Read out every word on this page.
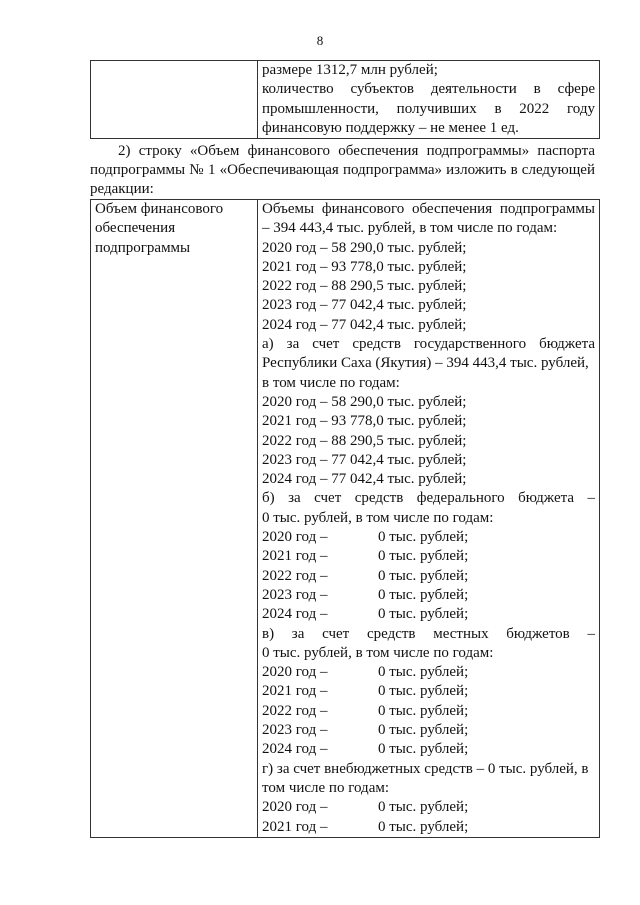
8

размере 1312,7 млн рублей;
количество субъектов деятельности в сфере
промышленности, получивших в 2022 году
финансовую поддержку – не менее 1 ед.
2) строку «Объем финансового обеспечения подпрограммы» паспорта
подпрограммы № 1 «Обеспечивающая подпрограмма» изложить в следующей
редакции:
Объем финансового
обеспечения
подпрограммы

Объемы финансового обеспечения подпрограммы
– 394 443,4 тыс. рублей, в том числе по годам:
2020 год – 58 290,0 тыс. рублей;
2021 год – 93 778,0 тыс. рублей;
2022 год – 88 290,5 тыс. рублей;
2023 год – 77 042,4 тыс. рублей;
2024 год – 77 042,4 тыс. рублей;
а) за счет средств государственного бюджета
Республики Саха (Якутия) – 394 443,4 тыс. рублей,
в том числе по годам:
2020 год – 58 290,0 тыс. рублей;
2021 год – 93 778,0 тыс. рублей;
2022 год – 88 290,5 тыс. рублей;
2023 год – 77 042,4 тыс. рублей;
2024 год – 77 042,4 тыс. рублей;
б) за счет средств федерального бюджета –
0 тыс. рублей, в том числе по годам:
2020 год –	0 тыс. рублей;
2021 год –	0 тыс. рублей;
2022 год –	0 тыс. рублей;
2023 год –	0 тыс. рублей;
2024 год –	0 тыс. рублей;
в) за счет средств местных бюджетов –
0 тыс. рублей, в том числе по годам:
2020 год –	0 тыс. рублей;
2021 год –	0 тыс. рублей;
2022 год –	0 тыс. рублей;
2023 год –	0 тыс. рублей;
2024 год –	0 тыс. рублей;
г) за счет внебюджетных средств – 0 тыс. рублей, в
том числе по годам:
2020 год –	0 тыс. рублей;
2021 год –	0 тыс. рублей;
